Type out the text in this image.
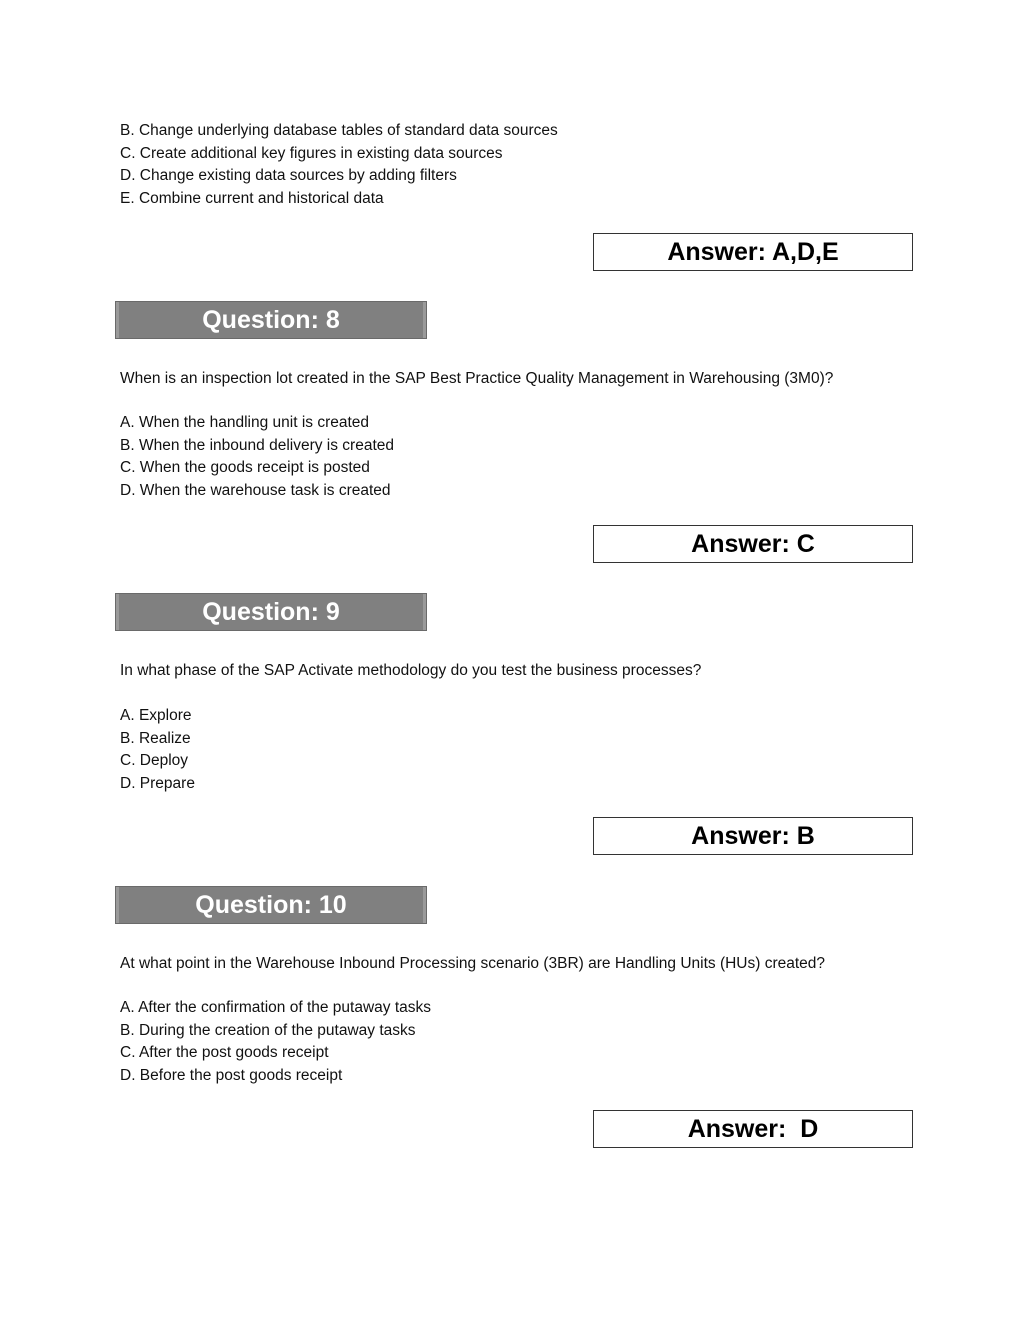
B. Change underlying database tables of standard data sources
C. Create additional key figures in existing data sources
D. Change existing data sources by adding filters
E. Combine current and historical data
Answer: A,D,E
Question: 8
When is an inspection lot created in the SAP Best Practice Quality Management in Warehousing (3M0)?
A. When the handling unit is created
B. When the inbound delivery is created
C. When the goods receipt is posted
D. When the warehouse task is created
Answer: C
Question: 9
In what phase of the SAP Activate methodology do you test the business processes?
A. Explore
B. Realize
C. Deploy
D. Prepare
Answer: B
Question: 10
At what point in the Warehouse Inbound Processing scenario (3BR) are Handling Units (HUs) created?
A. After the confirmation of the putaway tasks
B. During the creation of the putaway tasks
C. After the post goods receipt
D. Before the post goods receipt
Answer:  D
